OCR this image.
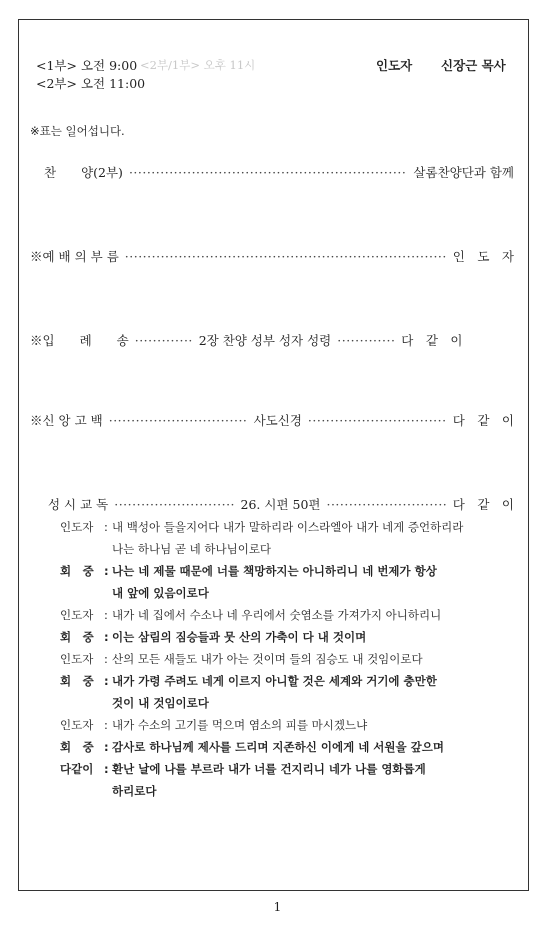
<1부> 오전 9:00 <2부/1부> 오후 11시
<2부> 오전 11:00
인도자 신장근 목사
※표는 일어섭니다.
찬　　양(2부) ·····	살롬찬양단과 함께
※예 배 의 부 름 ·····	인　도　자
※입　　례　　송 ·····	2장 찬양 성부 성자 성령 ·····	다　같　이
※신 앙 고 백 ·····	사도신경 ·····	다　같　이
성 시 교 독 ·····	26. 시편 50편 ·····	다　같　이
인도자 : 내 백성아 들을지어다 내가 말하리라 이스라엘아 내가 네게 증언하리라
나는 하나님 곧 네 하나님이로다
회　중 : 나는 네 제물 때문에 너를 책망하지는 아니하리니 네 번제가 항상
내 앞에 있음이로다
인도자 : 내가 네 집에서 수소나 네 우리에서 숫염소를 가져가지 아니하리니
회　중 : 이는 삼림의 짐승들과 뭇 산의 가축이 다 내 것이며
인도자 : 산의 모든 새들도 내가 아는 것이며 들의 짐승도 내 것임이로다
회　중 : 내가 가령 주려도 네게 이르지 아니할 것은 세계와 거기에 충만한
것이 내 것임이로다
인도자 : 내가 수소의 고기를 먹으며 염소의 피를 마시겠느냐
회　중 : 감사로 하나님께 제사를 드리며 지존하신 이에게 네 서원을 갚으며
다같이 : 환난 날에 나를 부르라 내가 너를 건지리니 네가 나를 영화롭게
하리로다
1
